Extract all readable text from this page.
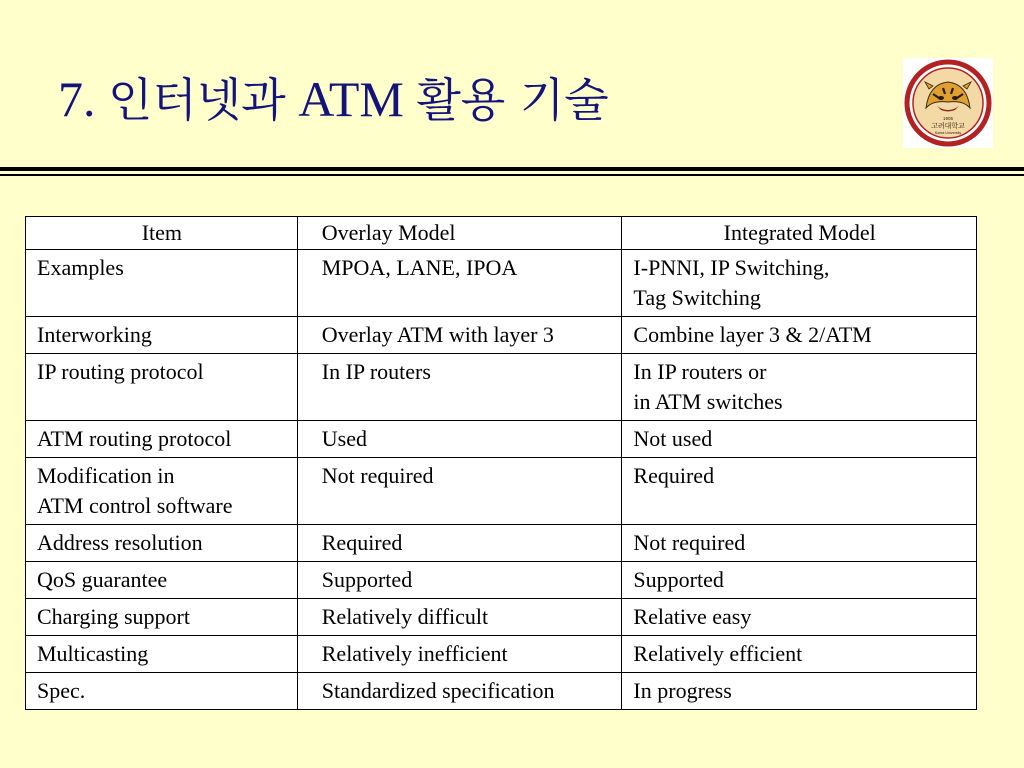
7. 인터넷과 ATM 활용 기술	1905
고려대학교
Korea University
Item	Overlay Model	Integrated Model
Examples	MPOA, LANE, IPOA	I-PNNI, IP Switching,
Tag Switching
Interworking	Overlay ATM with layer 3	Combine layer 3 & 2/ATM
IP routing protocol	In IP routers	In IP routers or
in ATM switches
ATM routing protocol	Used	Not used
Modification in
ATM control software	Not required	Required
Address resolution	Required	Not required
QoS guarantee	Supported	Supported
Charging support	Relatively difficult	Relative easy
Multicasting	Relatively inefficient	Relatively efficient
Spec.	Standardized specification	In progress
